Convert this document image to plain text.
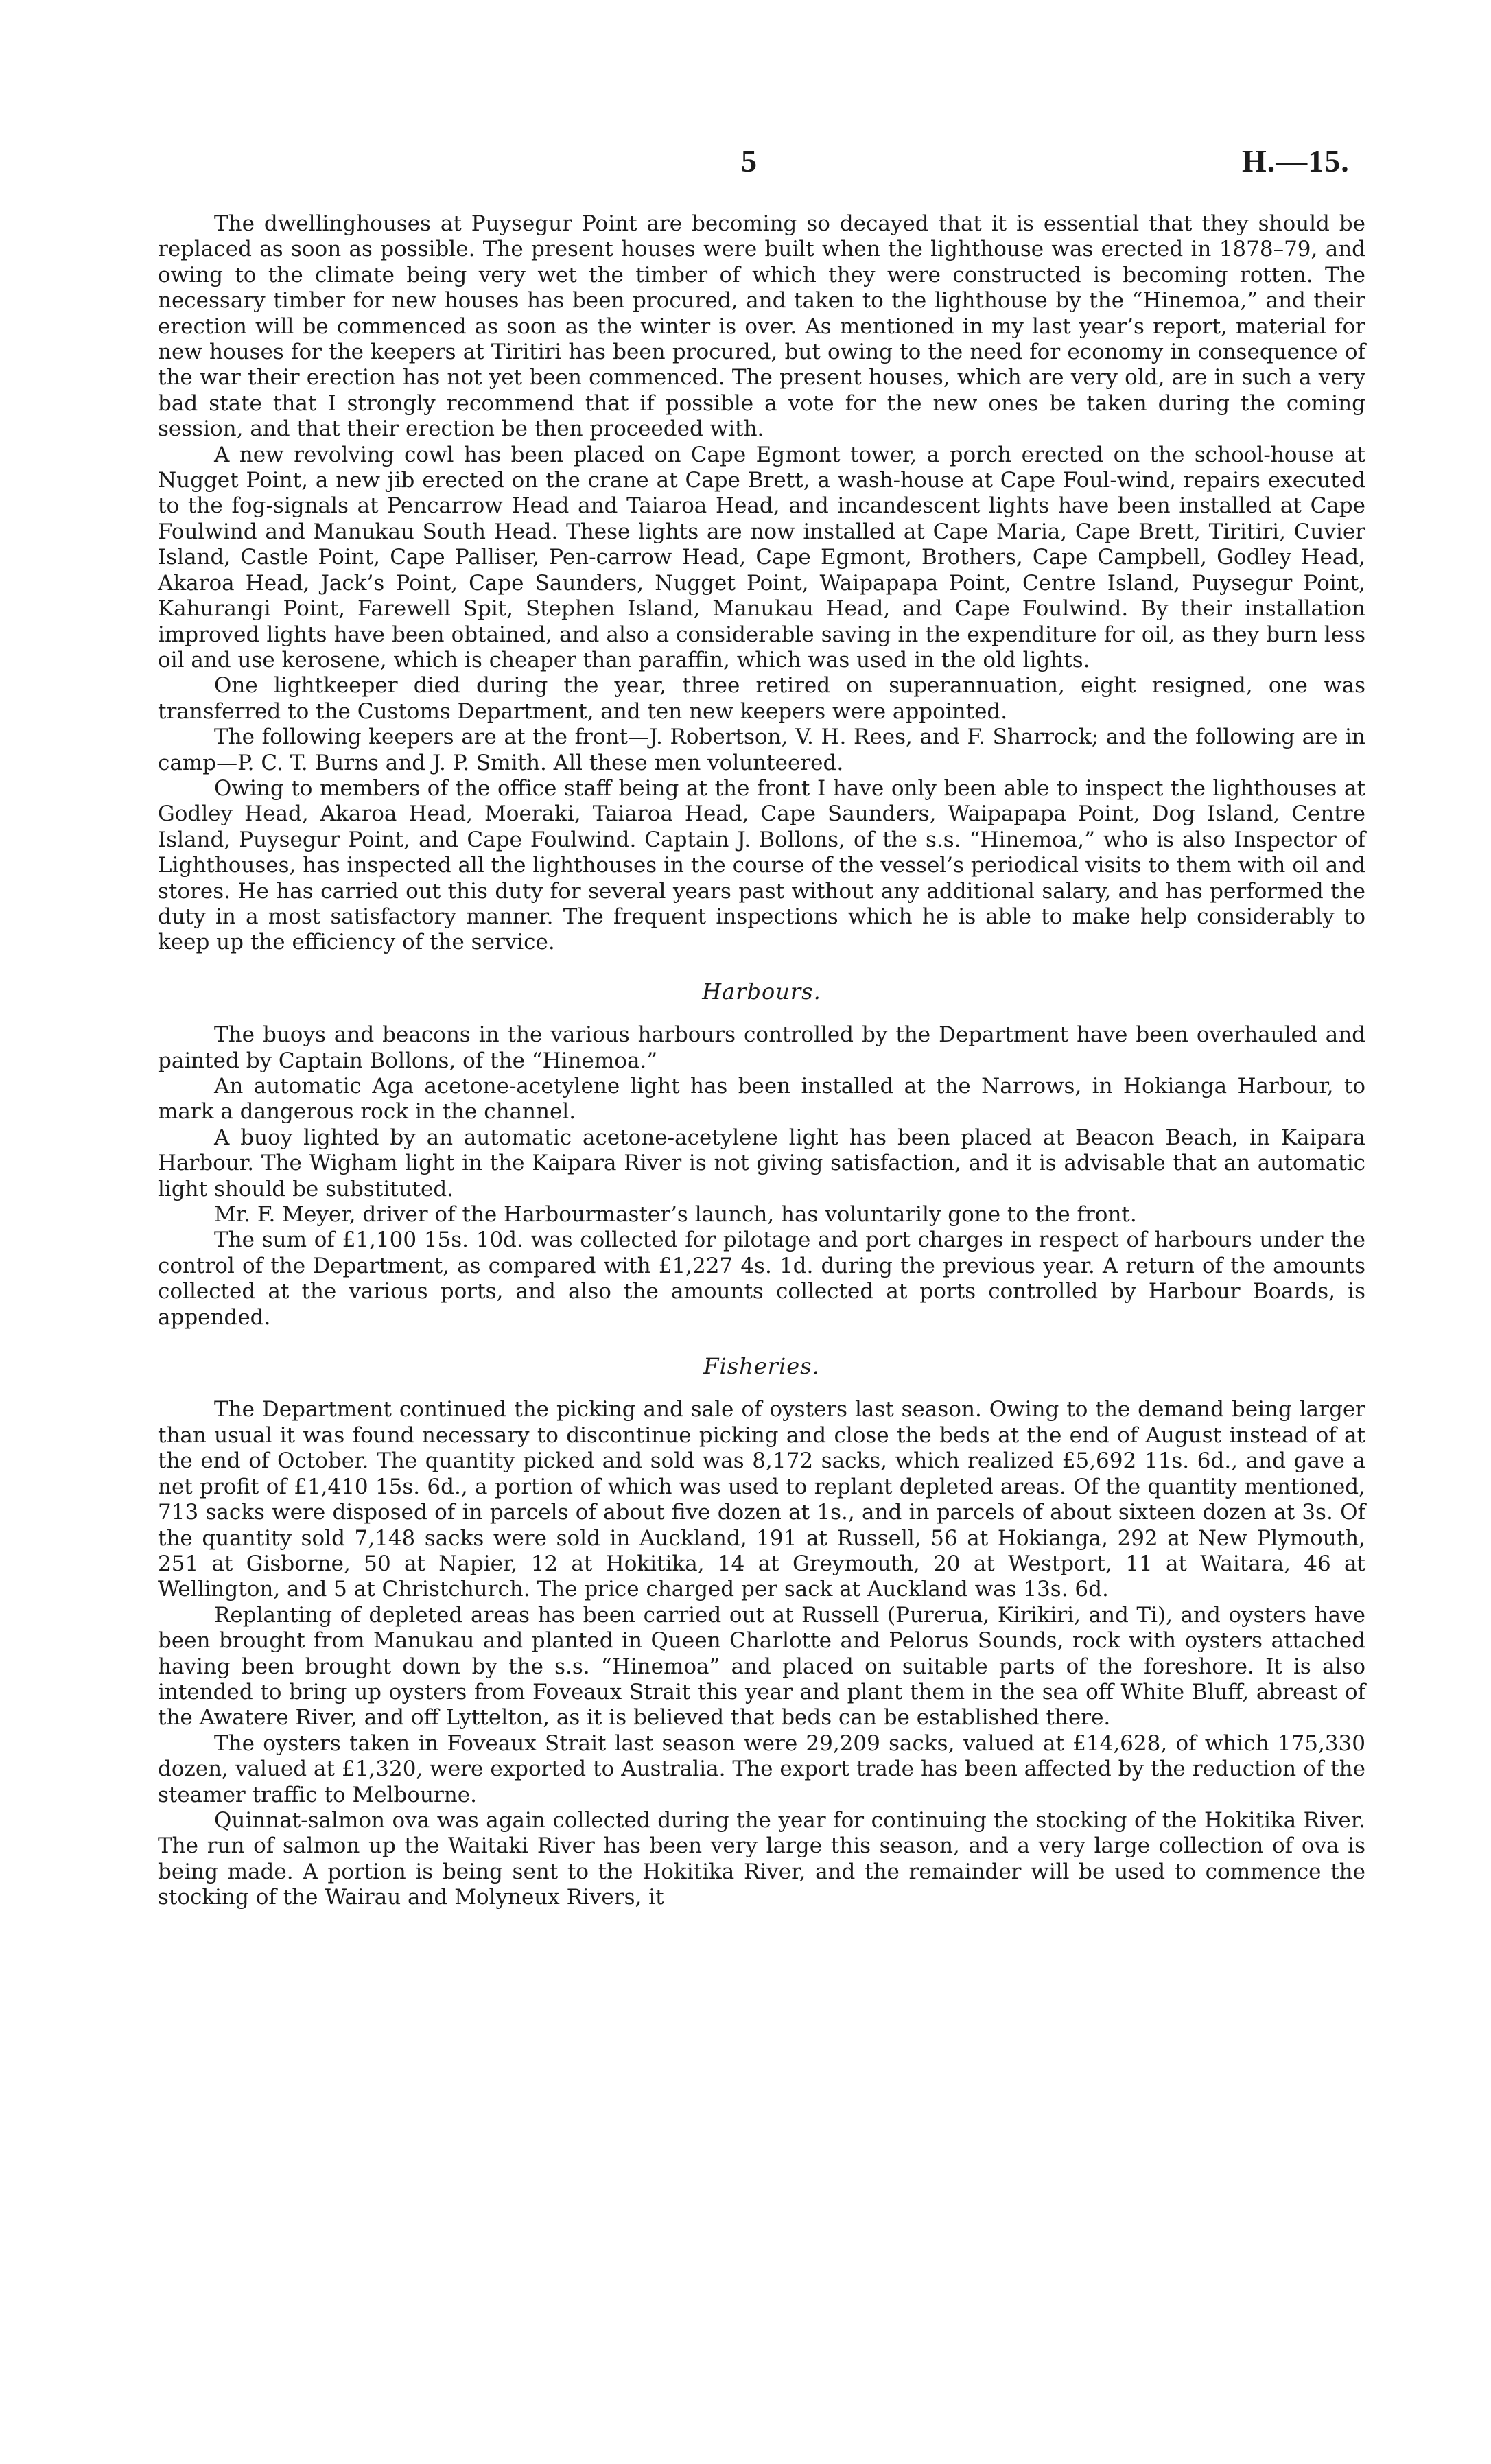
5	H.—15.

The dwellinghouses at Puysegur Point are becoming so decayed that it is essential that they should be replaced as soon as possible. The present houses were built when the lighthouse was erected in 1878–79, and owing to the climate being very wet the timber of which they were constructed is becoming rotten. The necessary timber for new houses has been procured, and taken to the lighthouse by the “Hinemoa,” and their erection will be commenced as soon as the winter is over. As mentioned in my last year’s report, material for new houses for the keepers at Tiritiri has been procured, but owing to the need for economy in consequence of the war their erection has not yet been commenced. The present houses, which are very old, are in such a very bad state that I strongly recommend that if possible a vote for the new ones be taken during the coming session, and that their erection be then proceeded with.

A new revolving cowl has been placed on Cape Egmont tower, a porch erected on the school-house at Nugget Point, a new jib erected on the crane at Cape Brett, a wash-house at Cape Foul-wind, repairs executed to the fog-signals at Pencarrow Head and Taiaroa Head, and incandescent lights have been installed at Cape Foulwind and Manukau South Head. These lights are now installed at Cape Maria, Cape Brett, Tiritiri, Cuvier Island, Castle Point, Cape Palliser, Pen-carrow Head, Cape Egmont, Brothers, Cape Campbell, Godley Head, Akaroa Head, Jack’s Point, Cape Saunders, Nugget Point, Waipapapa Point, Centre Island, Puysegur Point, Kahurangi Point, Farewell Spit, Stephen Island, Manukau Head, and Cape Foulwind. By their installation improved lights have been obtained, and also a considerable saving in the expenditure for oil, as they burn less oil and use kerosene, which is cheaper than paraffin, which was used in the old lights.

One lightkeeper died during the year, three retired on superannuation, eight resigned, one was transferred to the Customs Department, and ten new keepers were appointed.

The following keepers are at the front—J. Robertson, V. H. Rees, and F. Sharrock; and the following are in camp—P. C. T. Burns and J. P. Smith. All these men volunteered.

Owing to members of the office staff being at the front I have only been able to inspect the lighthouses at Godley Head, Akaroa Head, Moeraki, Taiaroa Head, Cape Saunders, Waipapapa Point, Dog Island, Centre Island, Puysegur Point, and Cape Foulwind. Captain J. Bollons, of the s.s. “Hinemoa,” who is also Inspector of Lighthouses, has inspected all the lighthouses in the course of the vessel’s periodical visits to them with oil and stores. He has carried out this duty for several years past without any additional salary, and has performed the duty in a most satisfactory manner. The frequent inspections which he is able to make help considerably to keep up the efficiency of the service.

Harbours.

The buoys and beacons in the various harbours controlled by the Department have been overhauled and painted by Captain Bollons, of the “Hinemoa.”

An automatic Aga acetone-acetylene light has been installed at the Narrows, in Hokianga Harbour, to mark a dangerous rock in the channel.

A buoy lighted by an automatic acetone-acetylene light has been placed at Beacon Beach, in Kaipara Harbour. The Wigham light in the Kaipara River is not giving satisfaction, and it is advisable that an automatic light should be substituted.

Mr. F. Meyer, driver of the Harbourmaster’s launch, has voluntarily gone to the front.

The sum of £1,100 15s. 10d. was collected for pilotage and port charges in respect of harbours under the control of the Department, as compared with £1,227 4s. 1d. during the previous year. A return of the amounts collected at the various ports, and also the amounts collected at ports controlled by Harbour Boards, is appended.

Fisheries.

The Department continued the picking and sale of oysters last season. Owing to the demand being larger than usual it was found necessary to discontinue picking and close the beds at the end of August instead of at the end of October. The quantity picked and sold was 8,172 sacks, which realized £5,692 11s. 6d., and gave a net profit of £1,410 15s. 6d., a portion of which was used to replant depleted areas. Of the quantity mentioned, 713 sacks were disposed of in parcels of about five dozen at 1s., and in parcels of about sixteen dozen at 3s. Of the quantity sold 7,148 sacks were sold in Auckland, 191 at Russell, 56 at Hokianga, 292 at New Plymouth, 251 at Gisborne, 50 at Napier, 12 at Hokitika, 14 at Greymouth, 20 at Westport, 11 at Waitara, 46 at Wellington, and 5 at Christchurch. The price charged per sack at Auckland was 13s. 6d.

Replanting of depleted areas has been carried out at Russell (Purerua, Kirikiri, and Ti), and oysters have been brought from Manukau and planted in Queen Charlotte and Pelorus Sounds, rock with oysters attached having been brought down by the s.s. “Hinemoa” and placed on suitable parts of the foreshore. It is also intended to bring up oysters from Foveaux Strait this year and plant them in the sea off White Bluff, abreast of the Awatere River, and off Lyttelton, as it is believed that beds can be established there.

The oysters taken in Foveaux Strait last season were 29,209 sacks, valued at £14,628, of which 175,330 dozen, valued at £1,320, were exported to Australia. The export trade has been affected by the reduction of the steamer traffic to Melbourne.

Quinnat-salmon ova was again collected during the year for continuing the stocking of the Hokitika River. The run of salmon up the Waitaki River has been very large this season, and a very large collection of ova is being made. A portion is being sent to the Hokitika River, and the remainder will be used to commence the stocking of the Wairau and Molyneux Rivers, it
